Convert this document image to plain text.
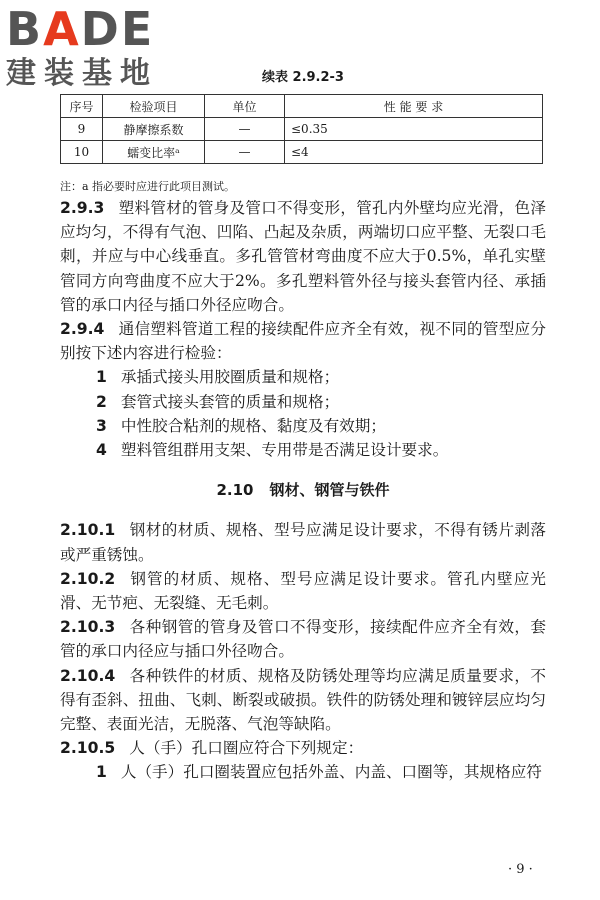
BADE
建装基地	续表 2.9.2-3
序号	检验项目	单位	性 能 要 求
9	静摩擦系数	—	≤0.35
10	蠕变比率ᵃ	—	≤4
注：a 指必要时应进行此项目测试。

2.9.3 塑料管材的管身及管口不得变形，管孔内外壁均应光滑，色泽应均匀，不得有气泡、凹陷、凸起及杂质，两端切口应平整、无裂口毛刺，并应与中心线垂直。多孔管管材弯曲度不应大于0.5%，单孔实壁管同方向弯曲度不应大于2%。多孔塑料管外径与接头套管内径、承插管的承口内径与插口外径应吻合。

2.9.4 通信塑料管道工程的接续配件应齐全有效，视不同的管型应分别按下述内容进行检验：

1 承插式接头用胶圈质量和规格；

2 套管式接头套管的质量和规格；

3 中性胶合粘剂的规格、黏度及有效期；

4 塑料管组群用支架、专用带是否满足设计要求。

2.10 钢材、钢管与铁件

2.10.1 钢材的材质、规格、型号应满足设计要求，不得有锈片剥落或严重锈蚀。

2.10.2 钢管的材质、规格、型号应满足设计要求。管孔内壁应光滑、无节疤、无裂缝、无毛刺。

2.10.3 各种钢管的管身及管口不得变形，接续配件应齐全有效，套管的承口内径应与插口外径吻合。

2.10.4 各种铁件的材质、规格及防锈处理等均应满足质量要求，不得有歪斜、扭曲、飞刺、断裂或破损。铁件的防锈处理和镀锌层应均匀完整、表面光洁，无脱落、气泡等缺陷。

2.10.5 人（手）孔口圈应符合下列规定：

1 人（手）孔口圈装置应包括外盖、内盖、口圈等，其规格应符

· 9 ·
